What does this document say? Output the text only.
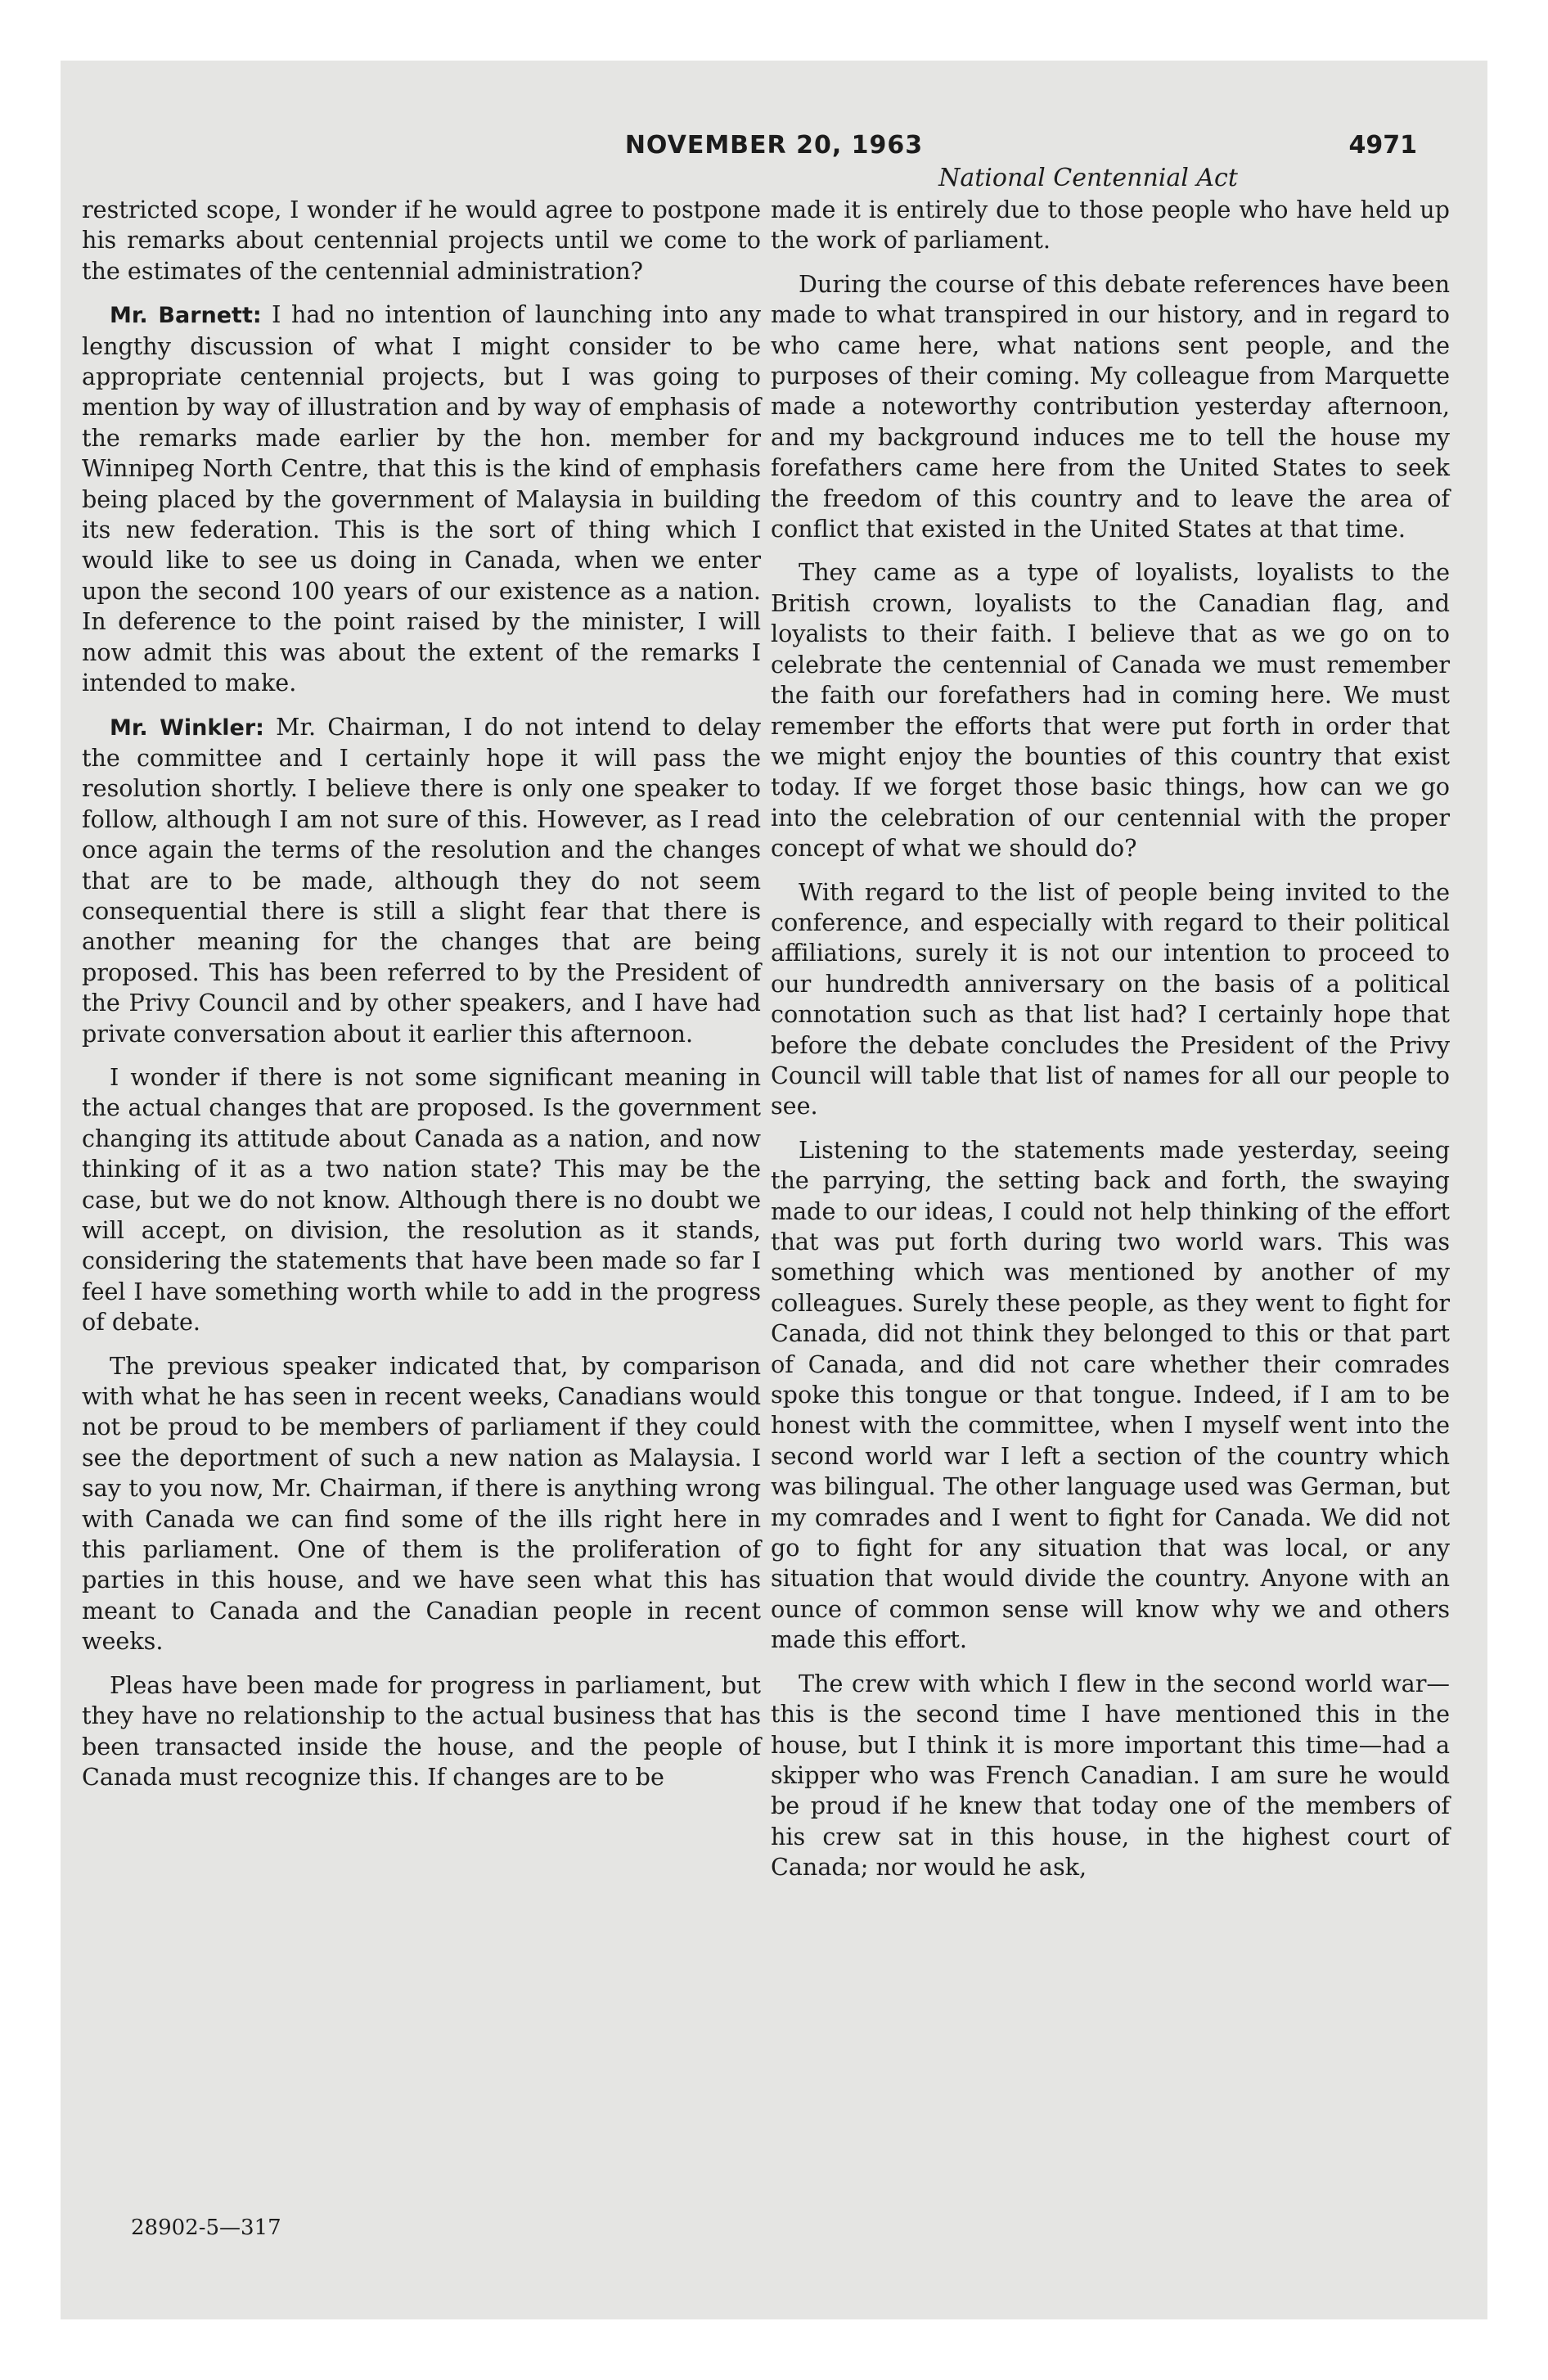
NOVEMBER 20, 1963	4971
National Centennial Act

restricted scope, I wonder if he would agree to postpone his remarks about centennial projects until we come to the estimates of the centennial administration?

Mr. Barnett: I had no intention of launching into any lengthy discussion of what I might consider to be appropriate centennial projects, but I was going to mention by way of illustration and by way of emphasis of the remarks made earlier by the hon. member for Winnipeg North Centre, that this is the kind of emphasis being placed by the government of Malaysia in building its new federation. This is the sort of thing which I would like to see us doing in Canada, when we enter upon the second 100 years of our existence as a nation. In deference to the point raised by the minister, I will now admit this was about the extent of the remarks I intended to make.

Mr. Winkler: Mr. Chairman, I do not intend to delay the committee and I certainly hope it will pass the resolution shortly. I believe there is only one speaker to follow, although I am not sure of this. However, as I read once again the terms of the resolution and the changes that are to be made, although they do not seem consequential there is still a slight fear that there is another meaning for the changes that are being proposed. This has been referred to by the President of the Privy Council and by other speakers, and I have had private conversation about it earlier this afternoon.

I wonder if there is not some significant meaning in the actual changes that are proposed. Is the government changing its attitude about Canada as a nation, and now thinking of it as a two nation state? This may be the case, but we do not know. Although there is no doubt we will accept, on division, the resolution as it stands, considering the statements that have been made so far I feel I have something worth while to add in the progress of debate.

The previous speaker indicated that, by comparison with what he has seen in recent weeks, Canadians would not be proud to be members of parliament if they could see the deportment of such a new nation as Malaysia. I say to you now, Mr. Chairman, if there is anything wrong with Canada we can find some of the ills right here in this parliament. One of them is the proliferation of parties in this house, and we have seen what this has meant to Canada and the Canadian people in recent weeks.

Pleas have been made for progress in parliament, but they have no relationship to the actual business that has been transacted inside the house, and the people of Canada must recognize this. If changes are to be

made it is entirely due to those people who have held up the work of parliament.

During the course of this debate references have been made to what transpired in our history, and in regard to who came here, what nations sent people, and the purposes of their coming. My colleague from Marquette made a noteworthy contribution yesterday afternoon, and my background induces me to tell the house my forefathers came here from the United States to seek the freedom of this country and to leave the area of conflict that existed in the United States at that time.

They came as a type of loyalists, loyalists to the British crown, loyalists to the Canadian flag, and loyalists to their faith. I believe that as we go on to celebrate the centennial of Canada we must remember the faith our forefathers had in coming here. We must remember the efforts that were put forth in order that we might enjoy the bounties of this country that exist today. If we forget those basic things, how can we go into the celebration of our centennial with the proper concept of what we should do?

With regard to the list of people being invited to the conference, and especially with regard to their political affiliations, surely it is not our intention to proceed to our hundredth anniversary on the basis of a political connotation such as that list had? I certainly hope that before the debate concludes the President of the Privy Council will table that list of names for all our people to see.

Listening to the statements made yesterday, seeing the parrying, the setting back and forth, the swaying made to our ideas, I could not help thinking of the effort that was put forth during two world wars. This was something which was mentioned by another of my colleagues. Surely these people, as they went to fight for Canada, did not think they belonged to this or that part of Canada, and did not care whether their comrades spoke this tongue or that tongue. Indeed, if I am to be honest with the committee, when I myself went into the second world war I left a section of the country which was bilingual. The other language used was German, but my comrades and I went to fight for Canada. We did not go to fight for any situation that was local, or any situation that would divide the country. Anyone with an ounce of common sense will know why we and others made this effort.

The crew with which I flew in the second world war—this is the second time I have mentioned this in the house, but I think it is more important this time—had a skipper who was French Canadian. I am sure he would be proud if he knew that today one of the members of his crew sat in this house, in the highest court of Canada; nor would he ask,

28902-5—317
